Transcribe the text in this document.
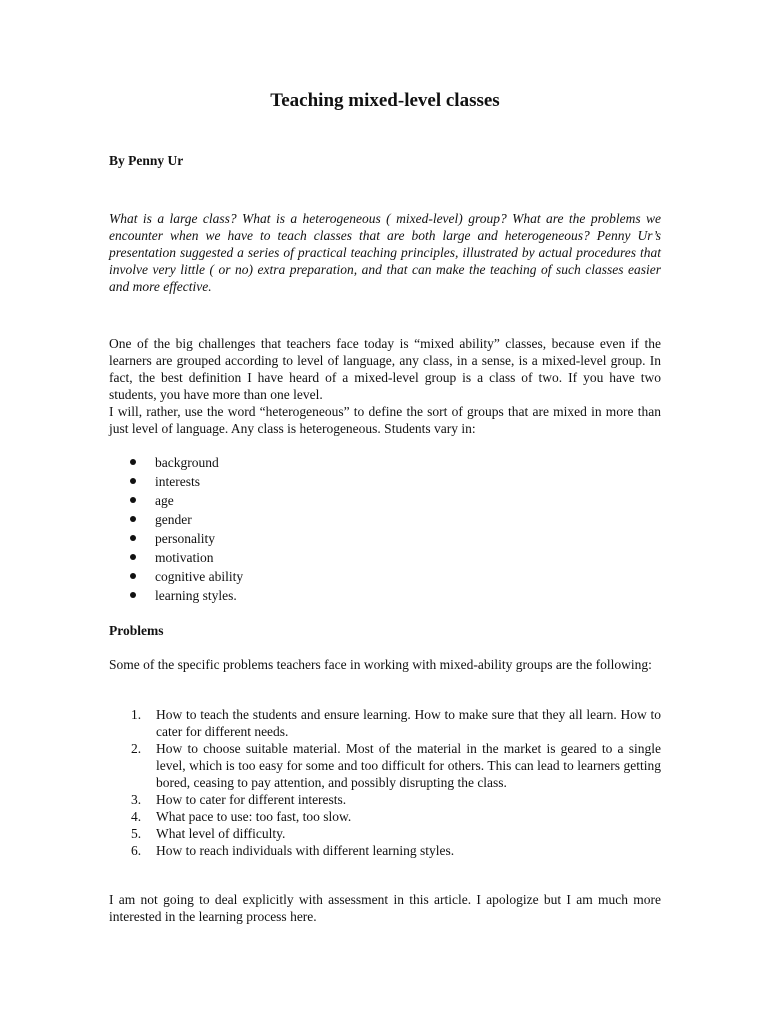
Teaching mixed-level classes

By Penny Ur

What is a large class? What is a heterogeneous ( mixed-level) group? What are the problems we encounter when we have to teach classes that are both large and heterogeneous? Penny Ur’s presentation suggested a series of practical teaching principles, illustrated by actual procedures that involve very little ( or no) extra preparation, and that can make the teaching of such classes easier and more effective.

One of the big challenges that teachers face today is “mixed ability” classes, because even if the learners are grouped according to level of language, any class, in a sense, is a mixed-level group. In fact, the best definition I have heard of a mixed-level group is a class of two. If you have two students, you have more than one level.

I will, rather, use the word “heterogeneous” to define the sort of groups that are mixed in more than just level of language. Any class is heterogeneous. Students vary in:

background
interests
age
gender
personality
motivation
cognitive ability
learning styles.

Problems

Some of the specific problems teachers face in working with mixed-ability groups are the following:

1. How to teach the students and ensure learning. How to make sure that they all learn. How to cater for different needs.
2. How to choose suitable material. Most of the material in the market is geared to a single level, which is too easy for some and too difficult for others. This can lead to learners getting bored, ceasing to pay attention, and possibly disrupting the class.
3. How to cater for different interests.
4. What pace to use: too fast, too slow.
5. What level of difficulty.
6. How to reach individuals with different learning styles.

I am not going to deal explicitly with assessment in this article. I apologize but I am much more interested in the learning process here.
